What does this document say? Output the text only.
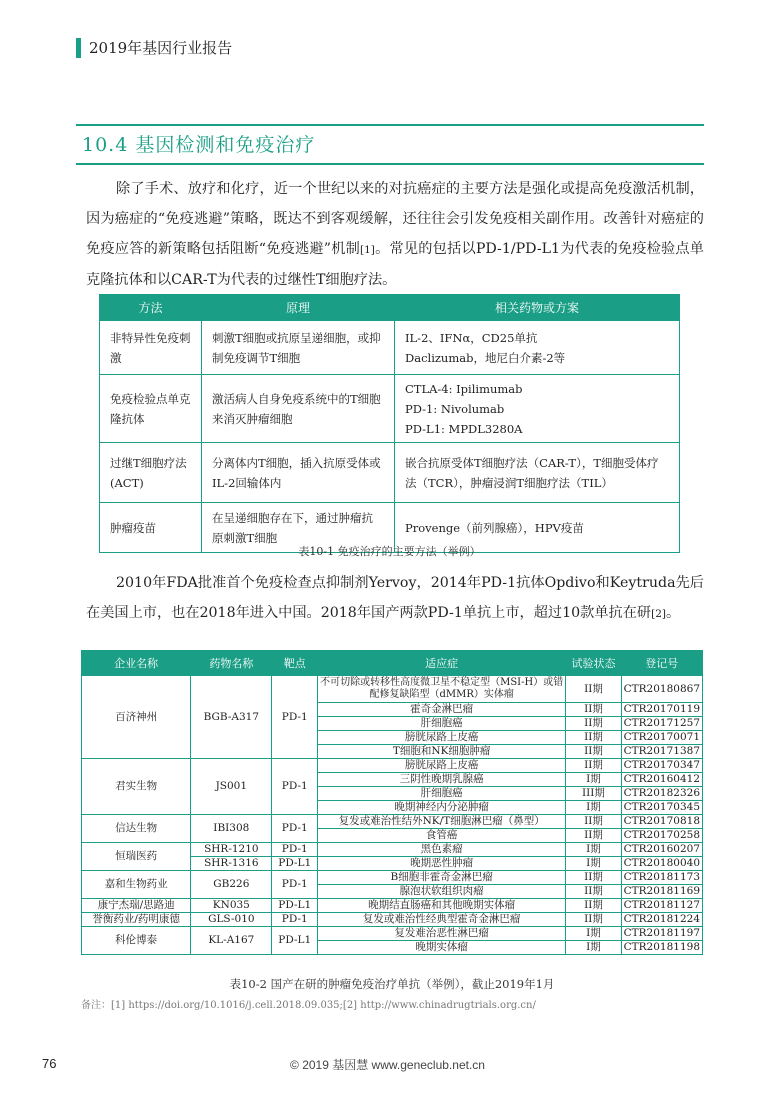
2019年基因行业报告
10.4 基因检测和免疫治疗
除了手术、放疗和化疗，近一个世纪以来的对抗癌症的主要方法是强化或提高免疫激活机制，因为癌症的“免疫逃避”策略，既达不到客观缓解，还往往会引发免疫相关副作用。改善针对癌症的免疫应答的新策略包括阻断“免疫逃避”机制[1]。常见的包括以PD-1/PD-L1为代表的免疫检验点单克隆抗体和以CAR-T为代表的过继性T细胞疗法。
方法	原理	相关药物或方案
非特异性免疫刺激	刺激T细胞或抗原呈递细胞，或抑制免疫调节T细胞	IL-2、IFNα，CD25单抗
Daclizumab，地尼白介素-2等

免疫检验点单克隆抗体	激活病人自身免疫系统中的T细胞来消灭肿瘤细胞	CTLA-4: Ipilimumab
PD-1: Nivolumab
PD-L1: MPDL3280A

过继T细胞疗法(ACT)	分离体内T细胞，插入抗原受体或IL-2回输体内	嵌合抗原受体T细胞疗法（CAR-T），T细胞受体疗法（TCR），肿瘤浸润T细胞疗法（TIL）
肿瘤疫苗	在呈递细胞存在下，通过肿瘤抗原刺激T细胞	Provenge（前列腺癌），HPV疫苗
表10-1 免疫治疗的主要方法（举例）
2010年FDA批准首个免疫检查点抑制剂Yervoy，2014年PD-1抗体Opdivo和Keytruda先后在美国上市，也在2018年进入中国。2018年国产两款PD-1单抗上市，超过10款单抗在研[2]。
企业名称	药物名称	靶点	适应症	试验状态	登记号
百济神州	BGB-A317	PD-1	不可切除或转移性高度微卫星不稳定型（MSI-H）或错配修复缺陷型（dMMR）实体瘤	II期	CTR20180867
			霍奇金淋巴瘤	II期	CTR20170119
			肝细胞癌	II期	CTR20171257
			膀胱尿路上皮癌	II期	CTR20170071
			T细胞和NK细胞肿瘤	II期	CTR20171387
君实生物	JS001	PD-1	膀胱尿路上皮癌	II期	CTR20170347
			三阴性晚期乳腺癌	I期	CTR20160412
			肝细胞癌	III期	CTR20182326
			晚期神经内分泌肿瘤	I期	CTR20170345
信达生物	IBI308	PD-1	复发或难治性结外NK/T细胞淋巴瘤（鼻型）	II期	CTR20170818
			食管癌	II期	CTR20170258
恒瑞医药	SHR-1210	PD-1	黑色素瘤	I期	CTR20160207
	SHR-1316	PD-L1	晚期恶性肿瘤	I期	CTR20180040
嘉和生物药业	GB226	PD-1	B细胞非霍奇金淋巴瘤	II期	CTR20181173
			腺泡状软组织肉瘤	II期	CTR20181169
康宁杰瑞/思路迪	KN035	PD-L1	晚期结直肠癌和其他晚期实体瘤	II期	CTR20181127
誉衡药业/药明康德	GLS-010	PD-1	复发或难治性经典型霍奇金淋巴瘤	II期	CTR20181224
科伦博泰	KL-A167	PD-L1	复发难治恶性淋巴瘤	I期	CTR20181197
			晚期实体瘤	I期	CTR20181198
表10-2 国产在研的肿瘤免疫治疗单抗（举例），截止2019年1月
备注：[1] https://doi.org/10.1016/j.cell.2018.09.035;[2] http://www.chinadrugtrials.org.cn/
76	© 2019 基因慧 www.geneclub.net.cn
